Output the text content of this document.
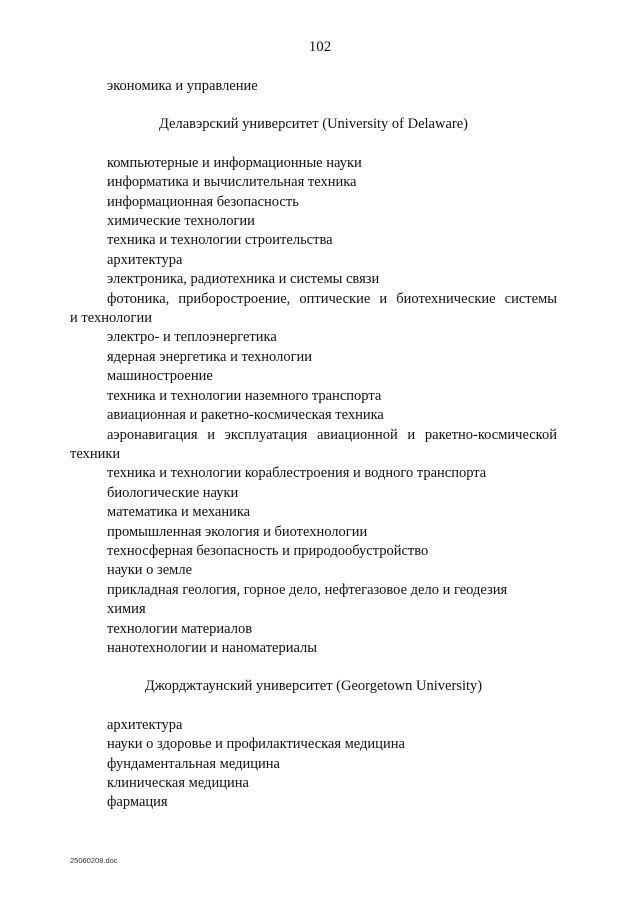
102
экономика и управление
Делавэрский университет (University of Delaware)
компьютерные и информационные науки
информатика и вычислительная техника
информационная безопасность
химические технологии
техника и технологии строительства
архитектура
электроника, радиотехника и системы связи
фотоника, приборостроение, оптические и биотехнические системы
и технологии
электро- и теплоэнергетика
ядерная энергетика и технологии
машиностроение
техника и технологии наземного транспорта
авиационная и ракетно-космическая техника
аэронавигация и эксплуатация авиационной и ракетно-космической
техники
техника и технологии кораблестроения и водного транспорта
биологические науки
математика и механика
промышленная экология и биотехнологии
техносферная безопасность и природообустройство
науки о земле
прикладная геология, горное дело, нефтегазовое дело и геодезия
химия
технологии материалов
нанотехнологии и наноматериалы
Джорджтаунский университет (Georgetown University)
архитектура
науки о здоровье и профилактическая медицина
фундаментальная медицина
клиническая медицина
фармация
25060208.doc
